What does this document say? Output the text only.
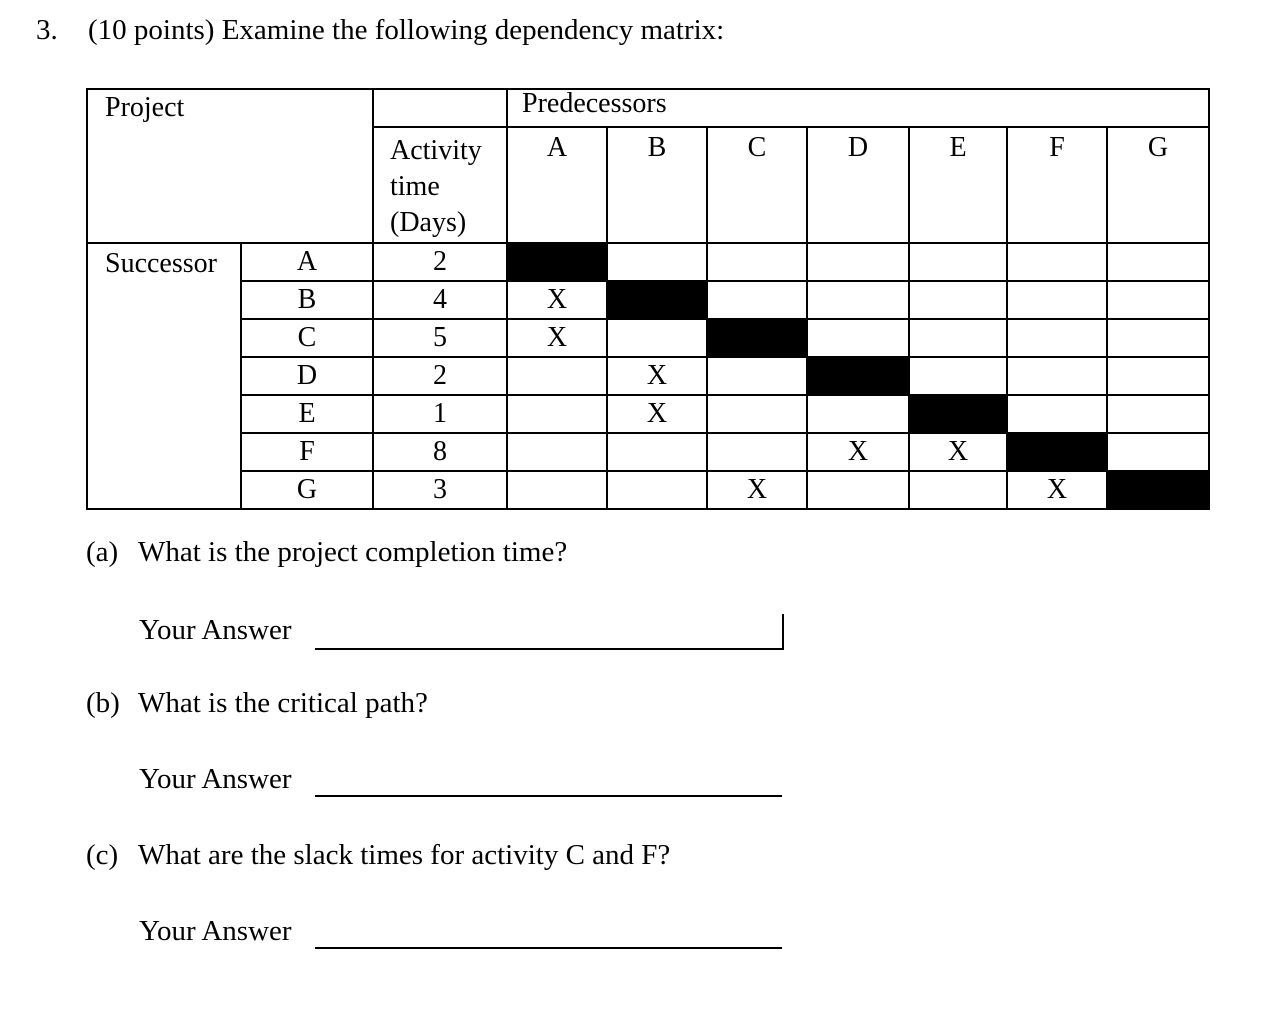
3. (10 points) Examine the following dependency matrix:
Project			Predecessors						
		Activity
time
(Days)	A	B	C	D	E	F	G
Successor	A	2							
	B	4	X						
	C	5	X						
	D	2		X					
	E	1		X					
	F	8				X	X		
	G	3			X			X	
(a) What is the project completion time?
Your Answer
(b) What is the critical path?
Your Answer
(c) What are the slack times for activity C and F?
Your Answer
